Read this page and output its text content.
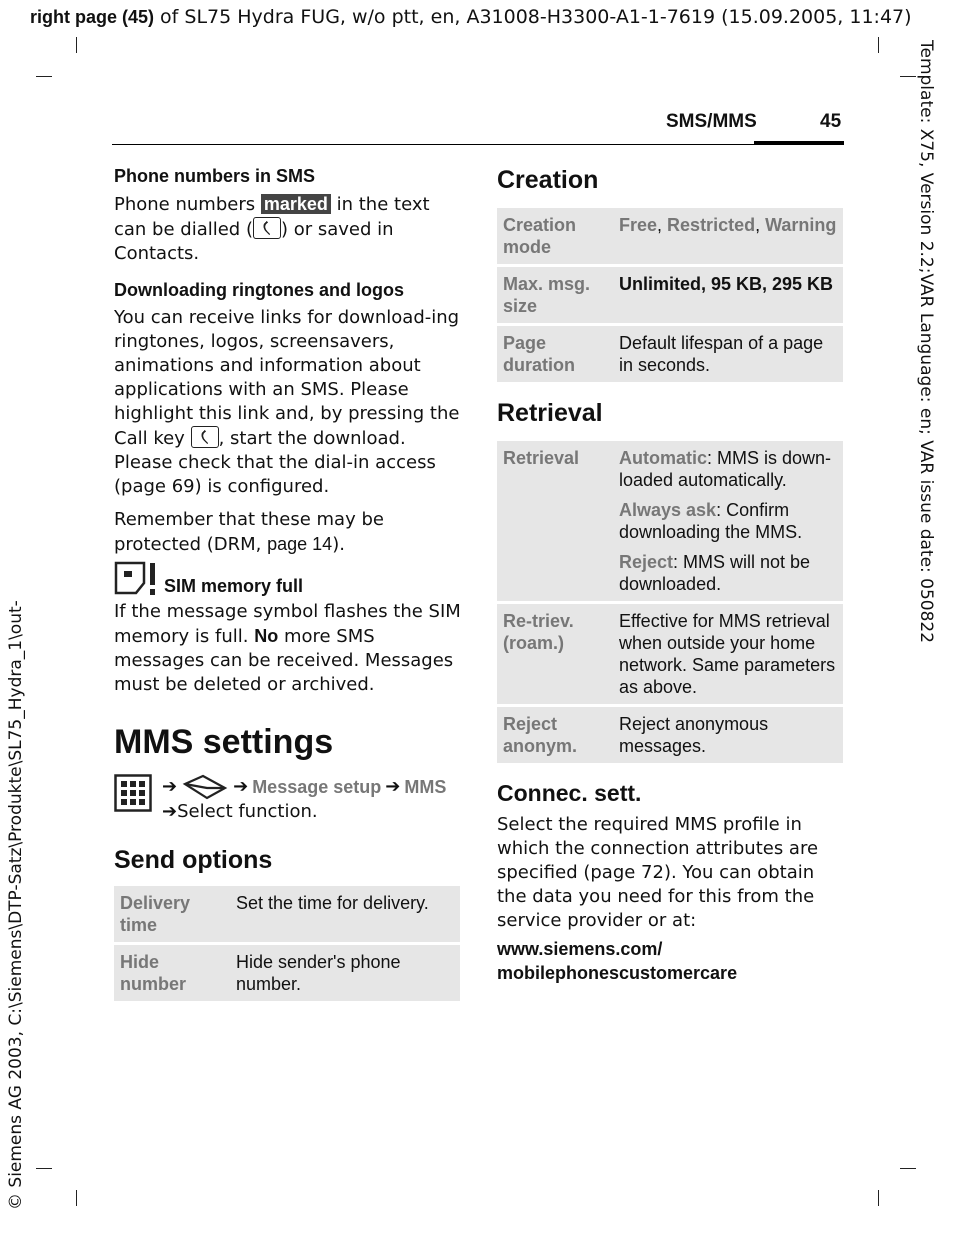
right page (45) of SL75 Hydra FUG, w/o ptt, en, A31008-H3300-A1-1-7619 (15.09.2005, 11:47)
Template: X75, Version 2.2;VAR Language: en; VAR issue date: 050822
© Siemens AG 2003, C:\Siemens\DTP-Satz\Produkte\SL75_Hydra_1\out-
SMS/MMS	45

Phone numbers in SMS

Phone numbers marked in the text can be dialled ( ) or saved in Contacts.

Downloading ringtones and logos

You can receive links for download-ing ringtones, logos, screensavers, animations and information about applications with an SMS. Please highlight this link and, by pressing the Call key , start the download. Please check that the dial-in access (page 69) is configured.

Remember that these may be protected (DRM, page 14).

SIM memory full

If the message symbol flashes the SIM memory is full. No more SMS messages can be received. Messages must be deleted or archived.

MMS settings

➔	➔ Message setup ➔ MMS
➔Select function.

Send options

Delivery time	Set the time for delivery.
Hide number	Hide sender's phone number.

Creation

Creation mode	Free, Restricted, Warning
Max. msg. size	Unlimited, 95 KB, 295 KB
Page duration	Default lifespan of a page in seconds.

Retrieval

Retrieval	Automatic: MMS is down-loaded automatically.

Always ask: Confirm downloading the MMS.

Reject: MMS will not be downloaded.

Re-triev.(roam.)	Effective for MMS retrieval when outside your home network. Same parameters as above.
Reject anonym.	Reject anonymous messages.

Connec. sett.

Select the required MMS profile in which the connection attributes are specified (page 72). You can obtain the data you need for this from the service provider or at:

www.siemens.com/
mobilephonescustomercare
